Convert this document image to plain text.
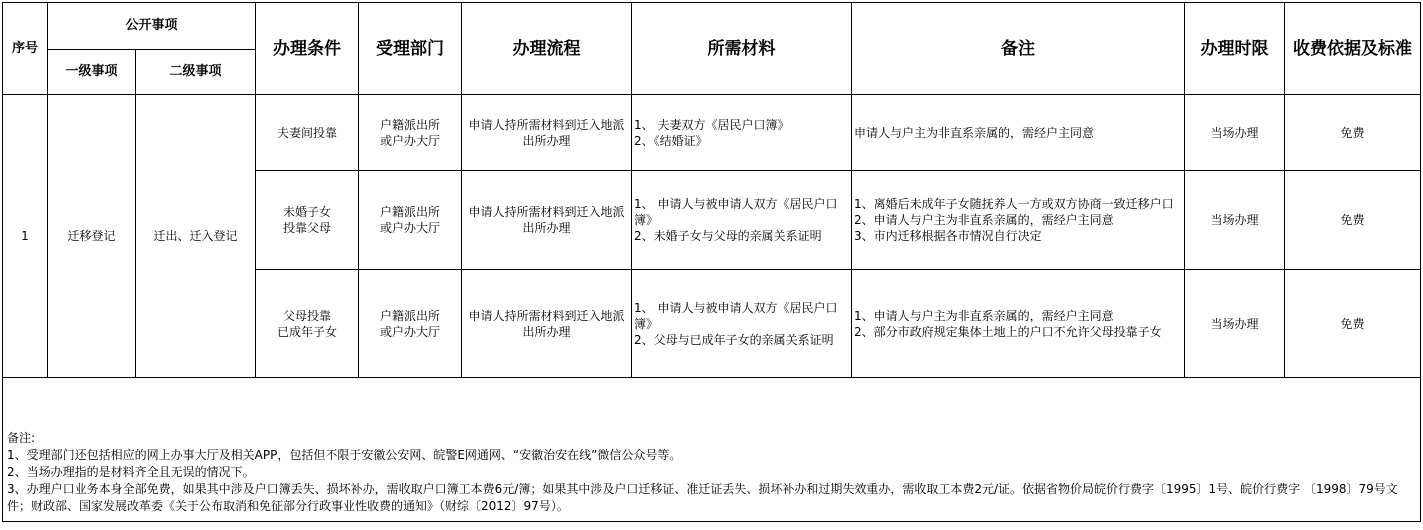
序号	公开事项		办理条件	受理部门	办理流程	所需材料	备注	办理时限	收费依据及标准
	一级事项	二级事项							
1	迁移登记	迁出、迁入登记	夫妻间投靠	户籍派出所
或户办大厅	申请人持所需材料到迁入地派出所办理	1、 夫妻双方《居民户口簿》
2、《结婚证》	申请人与户主为非直系亲属的，需经户主同意	当场办理	免费
			未婚子女
投靠父母	户籍派出所
或户办大厅	申请人持所需材料到迁入地派出所办理	1、 申请人与被申请人双方《居民户口簿》
2、未婚子女与父母的亲属关系证明	1、离婚后未成年子女随抚养人一方或双方协商一致迁移户口
2、申请人与户主为非直系亲属的，需经户主同意
3、市内迁移根据各市情况自行决定	当场办理	免费
			父母投靠
已成年子女	户籍派出所
或户办大厅	申请人持所需材料到迁入地派出所办理	1、 申请人与被申请人双方《居民户口簿》
2、父母与已成年子女的亲属关系证明	1、申请人与户主为非直系亲属的，需经户主同意
2、部分市政府规定集体土地上的户口不允许父母投靠子女	当场办理	免费

备注:
1、受理部门还包括相应的网上办事大厅及相关APP，包括但不限于安徽公安网、皖警E网通网、“安徽治安在线”微信公众号等。
2、当场办理指的是材料齐全且无误的情况下。
3、办理户口业务本身全部免费，如果其中涉及户口簿丢失、损坏补办，需收取户口簿工本费6元/簿；如果其中涉及户口迁移证、准迁证丢失、损坏补办和过期失效重办，需收取工本费2元/证。依据省物价局皖价行费字〔1995〕1号、皖价行费字 〔1998〕79号文件；财政部、国家发展改革委《关于公布取消和免征部分行政事业性收费的通知》（财综〔2012〕97号）。									
